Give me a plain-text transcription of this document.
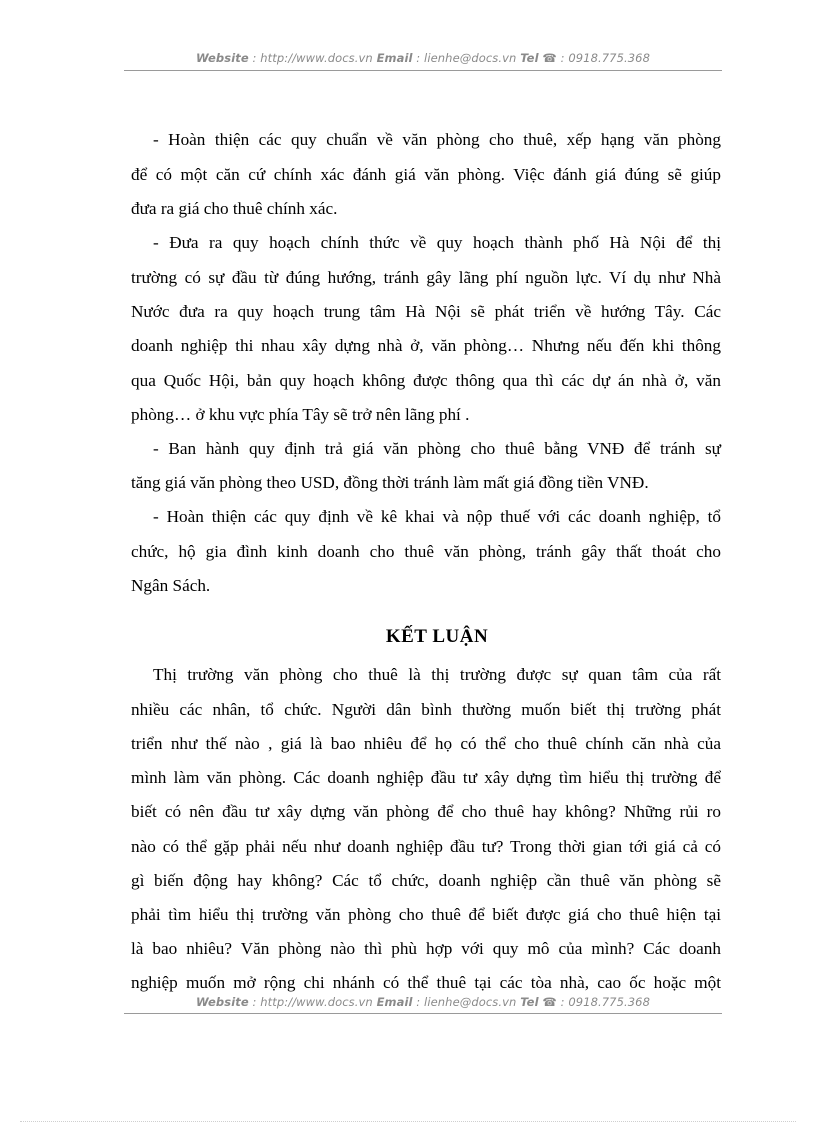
Website : http://www.docs.vn Email : lienhe@docs.vn Tel ☎ : 0918.775.368
- Hoàn thiện các quy chuẩn về văn phòng cho thuê, xếp hạng văn phòng
để có một căn cứ chính xác đánh giá văn phòng. Việc đánh giá đúng sẽ giúp
đưa ra giá cho thuê chính xác.
- Đưa ra quy hoạch chính thức về quy hoạch thành phố Hà Nội để thị
trường có sự đầu từ đúng hướng, tránh gây lãng phí nguồn lực. Ví dụ như Nhà
Nước đưa ra quy hoạch trung tâm Hà Nội sẽ phát triển về hướng Tây. Các
doanh nghiệp thi nhau xây dựng nhà ở, văn phòng… Nhưng nếu đến khi thông
qua Quốc Hội, bản quy hoạch không được thông qua thì các dự án nhà ở, văn
phòng… ở khu vực phía Tây sẽ trở nên lãng phí .
- Ban hành quy định trả giá văn phòng cho thuê bằng VNĐ để tránh sự
tăng giá văn phòng theo USD, đồng thời tránh làm mất giá đồng tiền VNĐ.
- Hoàn thiện các quy định về kê khai và nộp thuế với các doanh nghiệp, tổ
chức, hộ gia đình kinh doanh cho thuê văn phòng, tránh gây thất thoát cho
Ngân Sách.
KẾT LUẬN
Thị trường văn phòng cho thuê là thị trường được sự quan tâm của rất
nhiều các nhân, tổ chức. Người dân bình thường muốn biết thị trường phát
triển như thế nào , giá là bao nhiêu để họ có thể cho thuê chính căn nhà của
mình làm văn phòng. Các doanh nghiệp đầu tư xây dựng tìm hiểu thị trường để
biết có nên đầu tư xây dựng văn phòng để cho thuê hay không? Những rủi ro
nào có thể gặp phải nếu như doanh nghiệp đầu tư? Trong thời gian tới giá cả có
gì biến động hay không? Các tổ chức, doanh nghiệp cần thuê văn phòng sẽ
phải tìm hiểu thị trường văn phòng cho thuê để biết được giá cho thuê hiện tại
là bao nhiêu? Văn phòng nào thì phù hợp với quy mô của mình? Các doanh
nghiệp muốn mở rộng chi nhánh có thể thuê tại các tòa nhà, cao ốc hoặc một
Website : http://www.docs.vn Email : lienhe@docs.vn Tel ☎ : 0918.775.368
